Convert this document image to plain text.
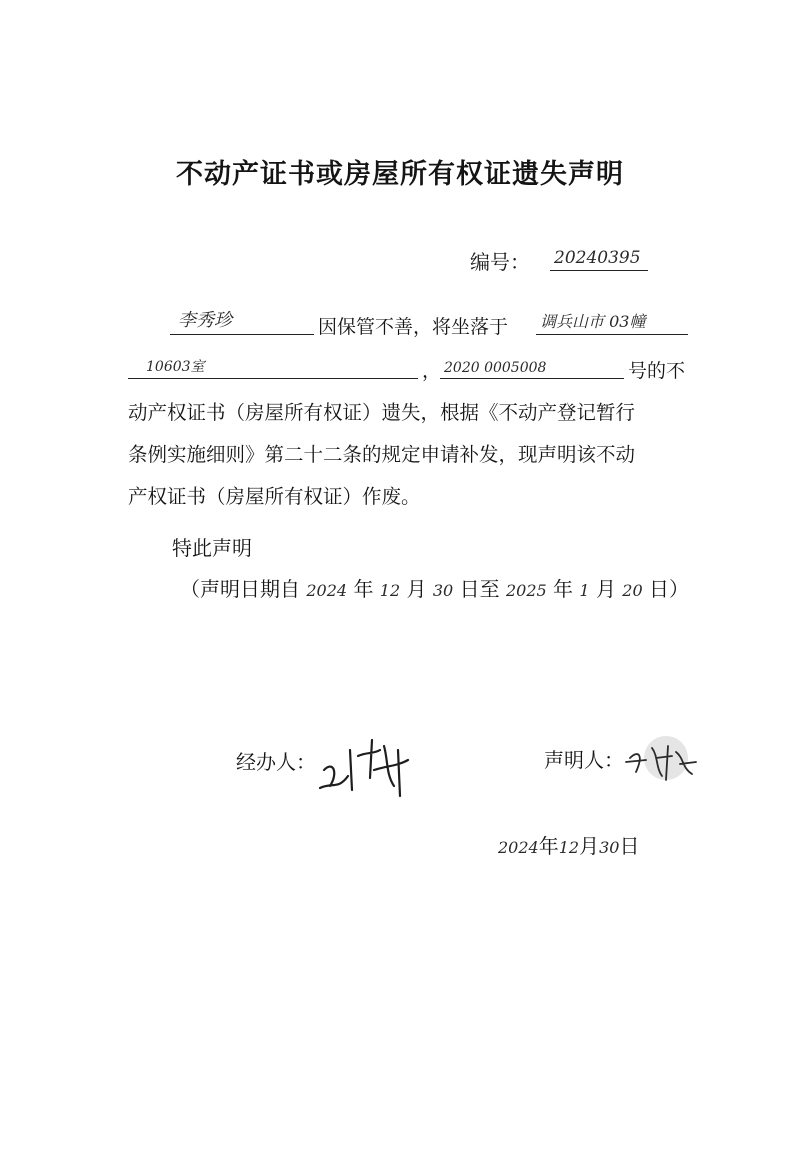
不动产证书或房屋所有权证遗失声明
编号： 20240395
李秀珍	因保管不善，将坐落于 调兵山市 03幢
10603室	， 2020 0005008	号的不

动产权证书（房屋所有权证）遗失，根据《不动产登记暂行

条例实施细则》第二十二条的规定申请补发，现声明该不动

产权证书（房屋所有权证）作废。

特此声明
（声明日期自 2024 年 12 月 30 日至 2025 年 1 月 20 日）
经办人：	声明人：
2024年12月30日
